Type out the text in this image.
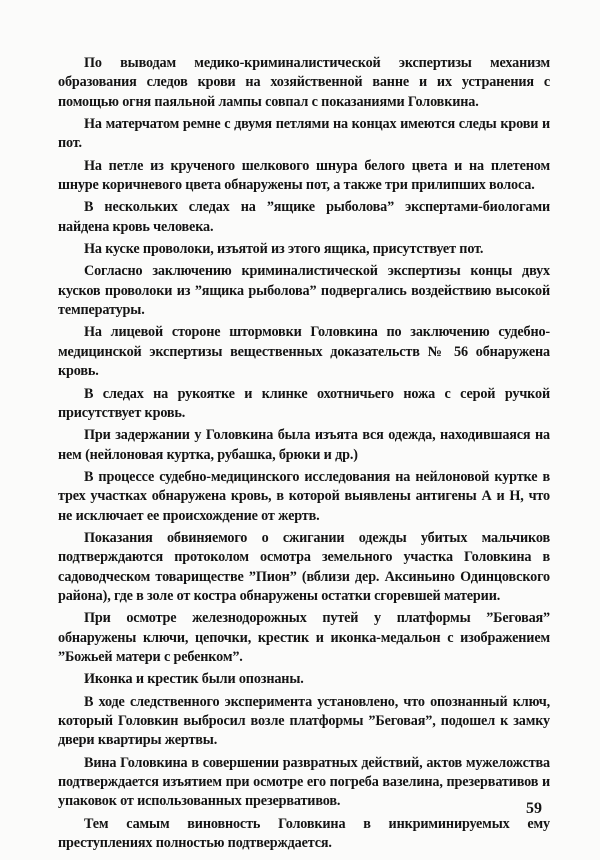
По выводам медико-криминалистической экспертизы механизм образования следов крови на хозяйственной ванне и их устранения с помощью огня паяльной лампы совпал с показаниями Головкина.

На матерчатом ремне с двумя петлями на концах имеются следы крови и пот.

На петле из крученого шелкового шнура белого цвета и на плетеном шнуре коричневого цвета обнаружены пот, а также три прилипших волоса.

В нескольких следах на ”ящике рыболова” экспертами-биологами найдена кровь человека.

На куске проволоки, изъятой из этого ящика, присутствует пот.

Согласно заключению криминалистической экспертизы концы двух кусков проволоки из ”ящика рыболова” подвергались воздействию высокой температуры.

На лицевой стороне штормовки Головкина по заключению судебно-медицинской экспертизы вещественных доказательств № 56 обнаружена кровь.

В следах на рукоятке и клинке охотничьего ножа с серой ручкой присутствует кровь.

При задержании у Головкина была изъята вся одежда, находившаяся на нем (нейлоновая куртка, рубашка, брюки и др.)

В процессе судебно-медицинского исследования на нейлоновой куртке в трех участках обнаружена кровь, в которой выявлены антигены А и Н, что не исключает ее происхождение от жертв.

Показания обвиняемого о сжигании одежды убитых мальчиков подтверждаются протоколом осмотра земельного участка Головкина в садоводческом товариществе ”Пион” (вблизи дер. Аксиньино Одинцовского района), где в золе от костра обнаружены остатки сгоревшей материи.

При осмотре железнодорожных путей у платформы ”Беговая” обнаружены ключи, цепочки, крестик и иконка-медальон с изображением ”Божьей матери с ребенком”.

Иконка и крестик были опознаны.

В ходе следственного эксперимента установлено, что опознанный ключ, который Головкин выбросил возле платформы ”Беговая”, подошел к замку двери квартиры жертвы.

Вина Головкина в совершении развратных действий, актов мужеложства подтверждается изъятием при осмотре его погреба вазелина, презервативов и упаковок от использованных презервативов.

Тем самым виновность Головкина в инкриминируемых ему преступлениях полностью подтверждается.

59
